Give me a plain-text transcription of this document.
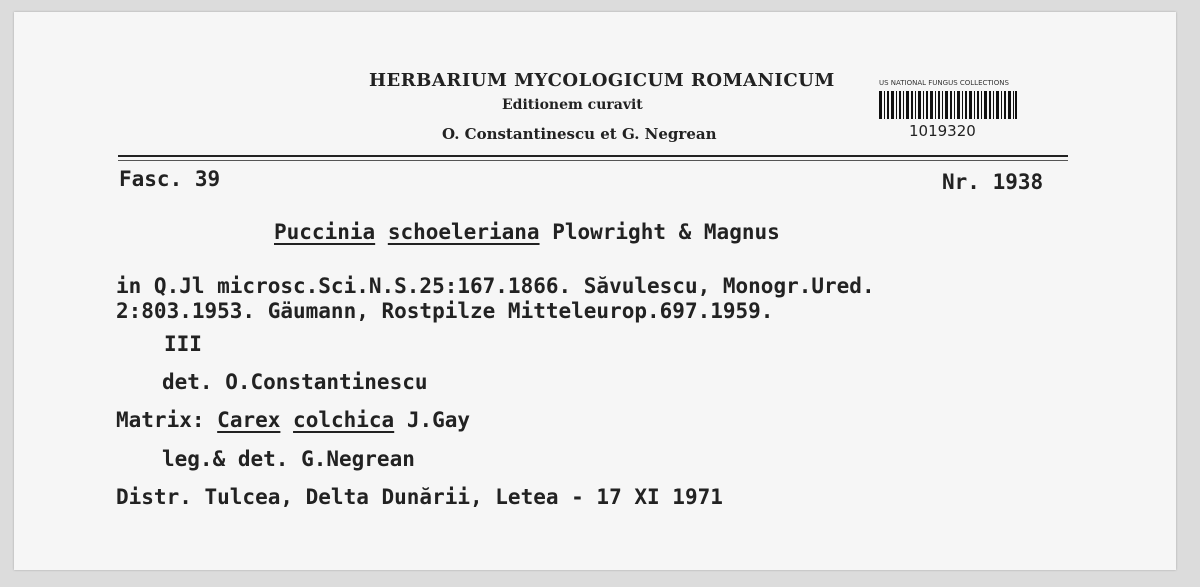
HERBARIUM MYCOLOGICUM ROMANICUM
Editionem curavit
O. Constantinescu et G. Negrean
US NATIONAL FUNGUS COLLECTIONS
1019320
Fasc. 39	Nr. 1938
Puccinia schoeleriana Plowright & Magnus
in Q.Jl microsc.Sci.N.S.25:167.1866. Săvulescu, Monogr.Ured.
2:803.1953. Gäumann, Rostpilze Mitteleurop.697.1959.
III
det. O.Constantinescu
Matrix: Carex colchica J.Gay
leg.& det. G.Negrean
Distr. Tulcea, Delta Dunării, Letea - 17 XI 1971
